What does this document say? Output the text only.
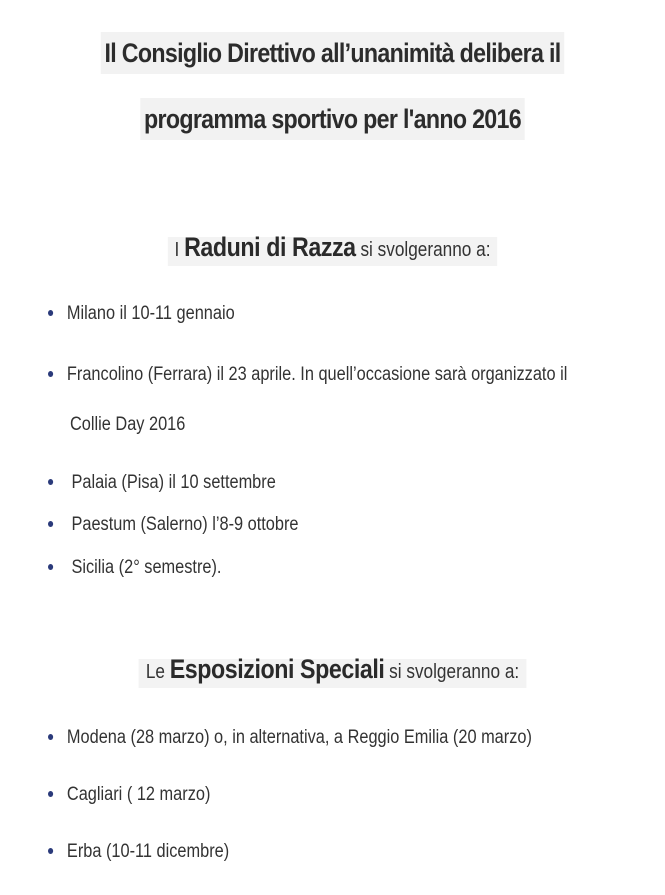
Il Consiglio Direttivo all’unanimità delibera il
programma sportivo per l'anno 2016
I Raduni di Razza si svolgeranno a:
Milano il 10-11 gennaio
Francolino (Ferrara) il 23 aprile. In quell’occasione sarà organizzato il
Collie Day 2016
Palaia (Pisa) il 10 settembre
Paestum (Salerno) l’8-9 ottobre
Sicilia (2° semestre).
Le Esposizioni Speciali si svolgeranno a:
Modena (28 marzo) o, in alternativa, a Reggio Emilia (20 marzo)
Cagliari ( 12 marzo)
Erba (10-11 dicembre)
